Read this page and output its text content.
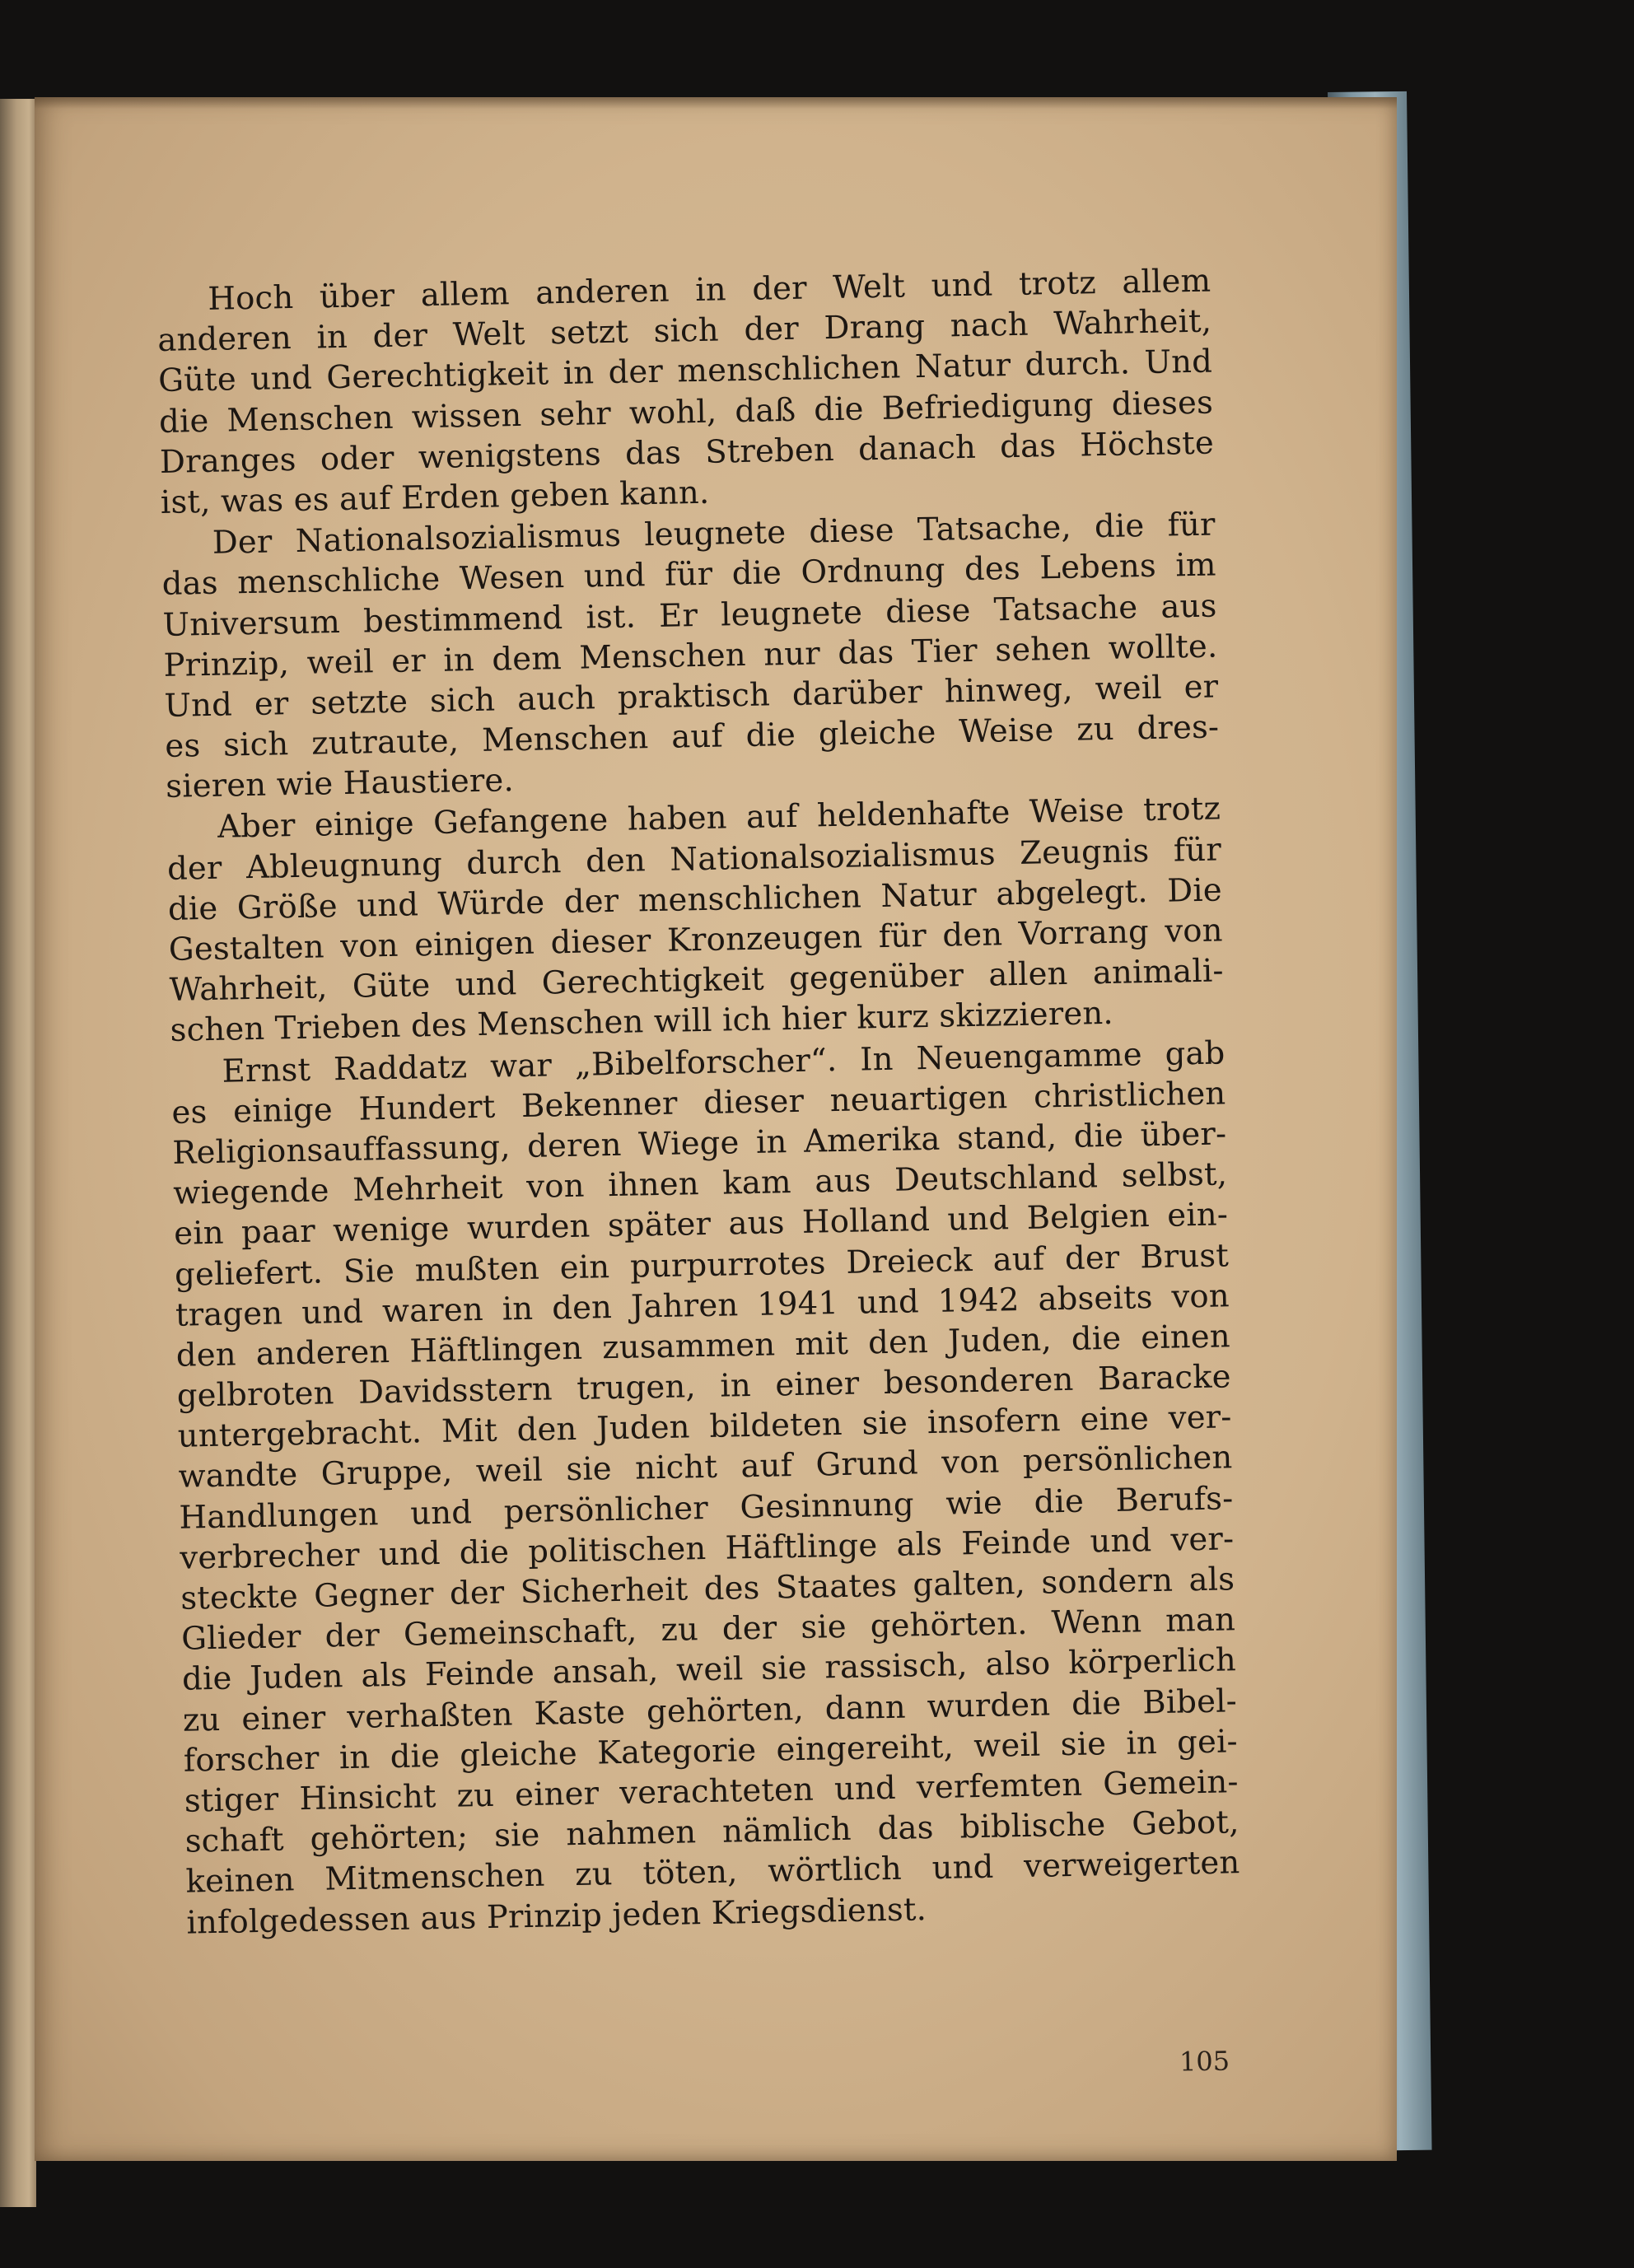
Hoch über allem anderen in der Welt und trotz allem
anderen in der Welt setzt sich der Drang nach Wahrheit,
Güte und Gerechtigkeit in der menschlichen Natur durch. Und
die Menschen wissen sehr wohl, daß die Befriedigung dieses
Dranges oder wenigstens das Streben danach das Höchste
ist, was es auf Erden geben kann.
Der Nationalsozialismus leugnete diese Tatsache, die für
das menschliche Wesen und für die Ordnung des Lebens im
Universum bestimmend ist. Er leugnete diese Tatsache aus
Prinzip, weil er in dem Menschen nur das Tier sehen wollte.
Und er setzte sich auch praktisch darüber hinweg, weil er
es sich zutraute, Menschen auf die gleiche Weise zu dres-
sieren wie Haustiere.
Aber einige Gefangene haben auf heldenhafte Weise trotz
der Ableugnung durch den Nationalsozialismus Zeugnis für
die Größe und Würde der menschlichen Natur abgelegt. Die
Gestalten von einigen dieser Kronzeugen für den Vorrang von
Wahrheit, Güte und Gerechtigkeit gegenüber allen animali-
schen Trieben des Menschen will ich hier kurz skizzieren.
Ernst Raddatz war „Bibelforscher“. In Neuengamme gab
es einige Hundert Bekenner dieser neuartigen christlichen
Religionsauffassung, deren Wiege in Amerika stand, die über-
wiegende Mehrheit von ihnen kam aus Deutschland selbst,
ein paar wenige wurden später aus Holland und Belgien ein-
geliefert. Sie mußten ein purpurrotes Dreieck auf der Brust
tragen und waren in den Jahren 1941 und 1942 abseits von
den anderen Häftlingen zusammen mit den Juden, die einen
gelbroten Davidsstern trugen, in einer besonderen Baracke
untergebracht. Mit den Juden bildeten sie insofern eine ver-
wandte Gruppe, weil sie nicht auf Grund von persönlichen
Handlungen und persönlicher Gesinnung wie die Berufs-
verbrecher und die politischen Häftlinge als Feinde und ver-
steckte Gegner der Sicherheit des Staates galten, sondern als
Glieder der Gemeinschaft, zu der sie gehörten. Wenn man
die Juden als Feinde ansah, weil sie rassisch, also körperlich
zu einer verhaßten Kaste gehörten, dann wurden die Bibel-
forscher in die gleiche Kategorie eingereiht, weil sie in gei-
stiger Hinsicht zu einer verachteten und verfemten Gemein-
schaft gehörten; sie nahmen nämlich das biblische Gebot,
keinen Mitmenschen zu töten, wörtlich und verweigerten
infolgedessen aus Prinzip jeden Kriegsdienst.
105
